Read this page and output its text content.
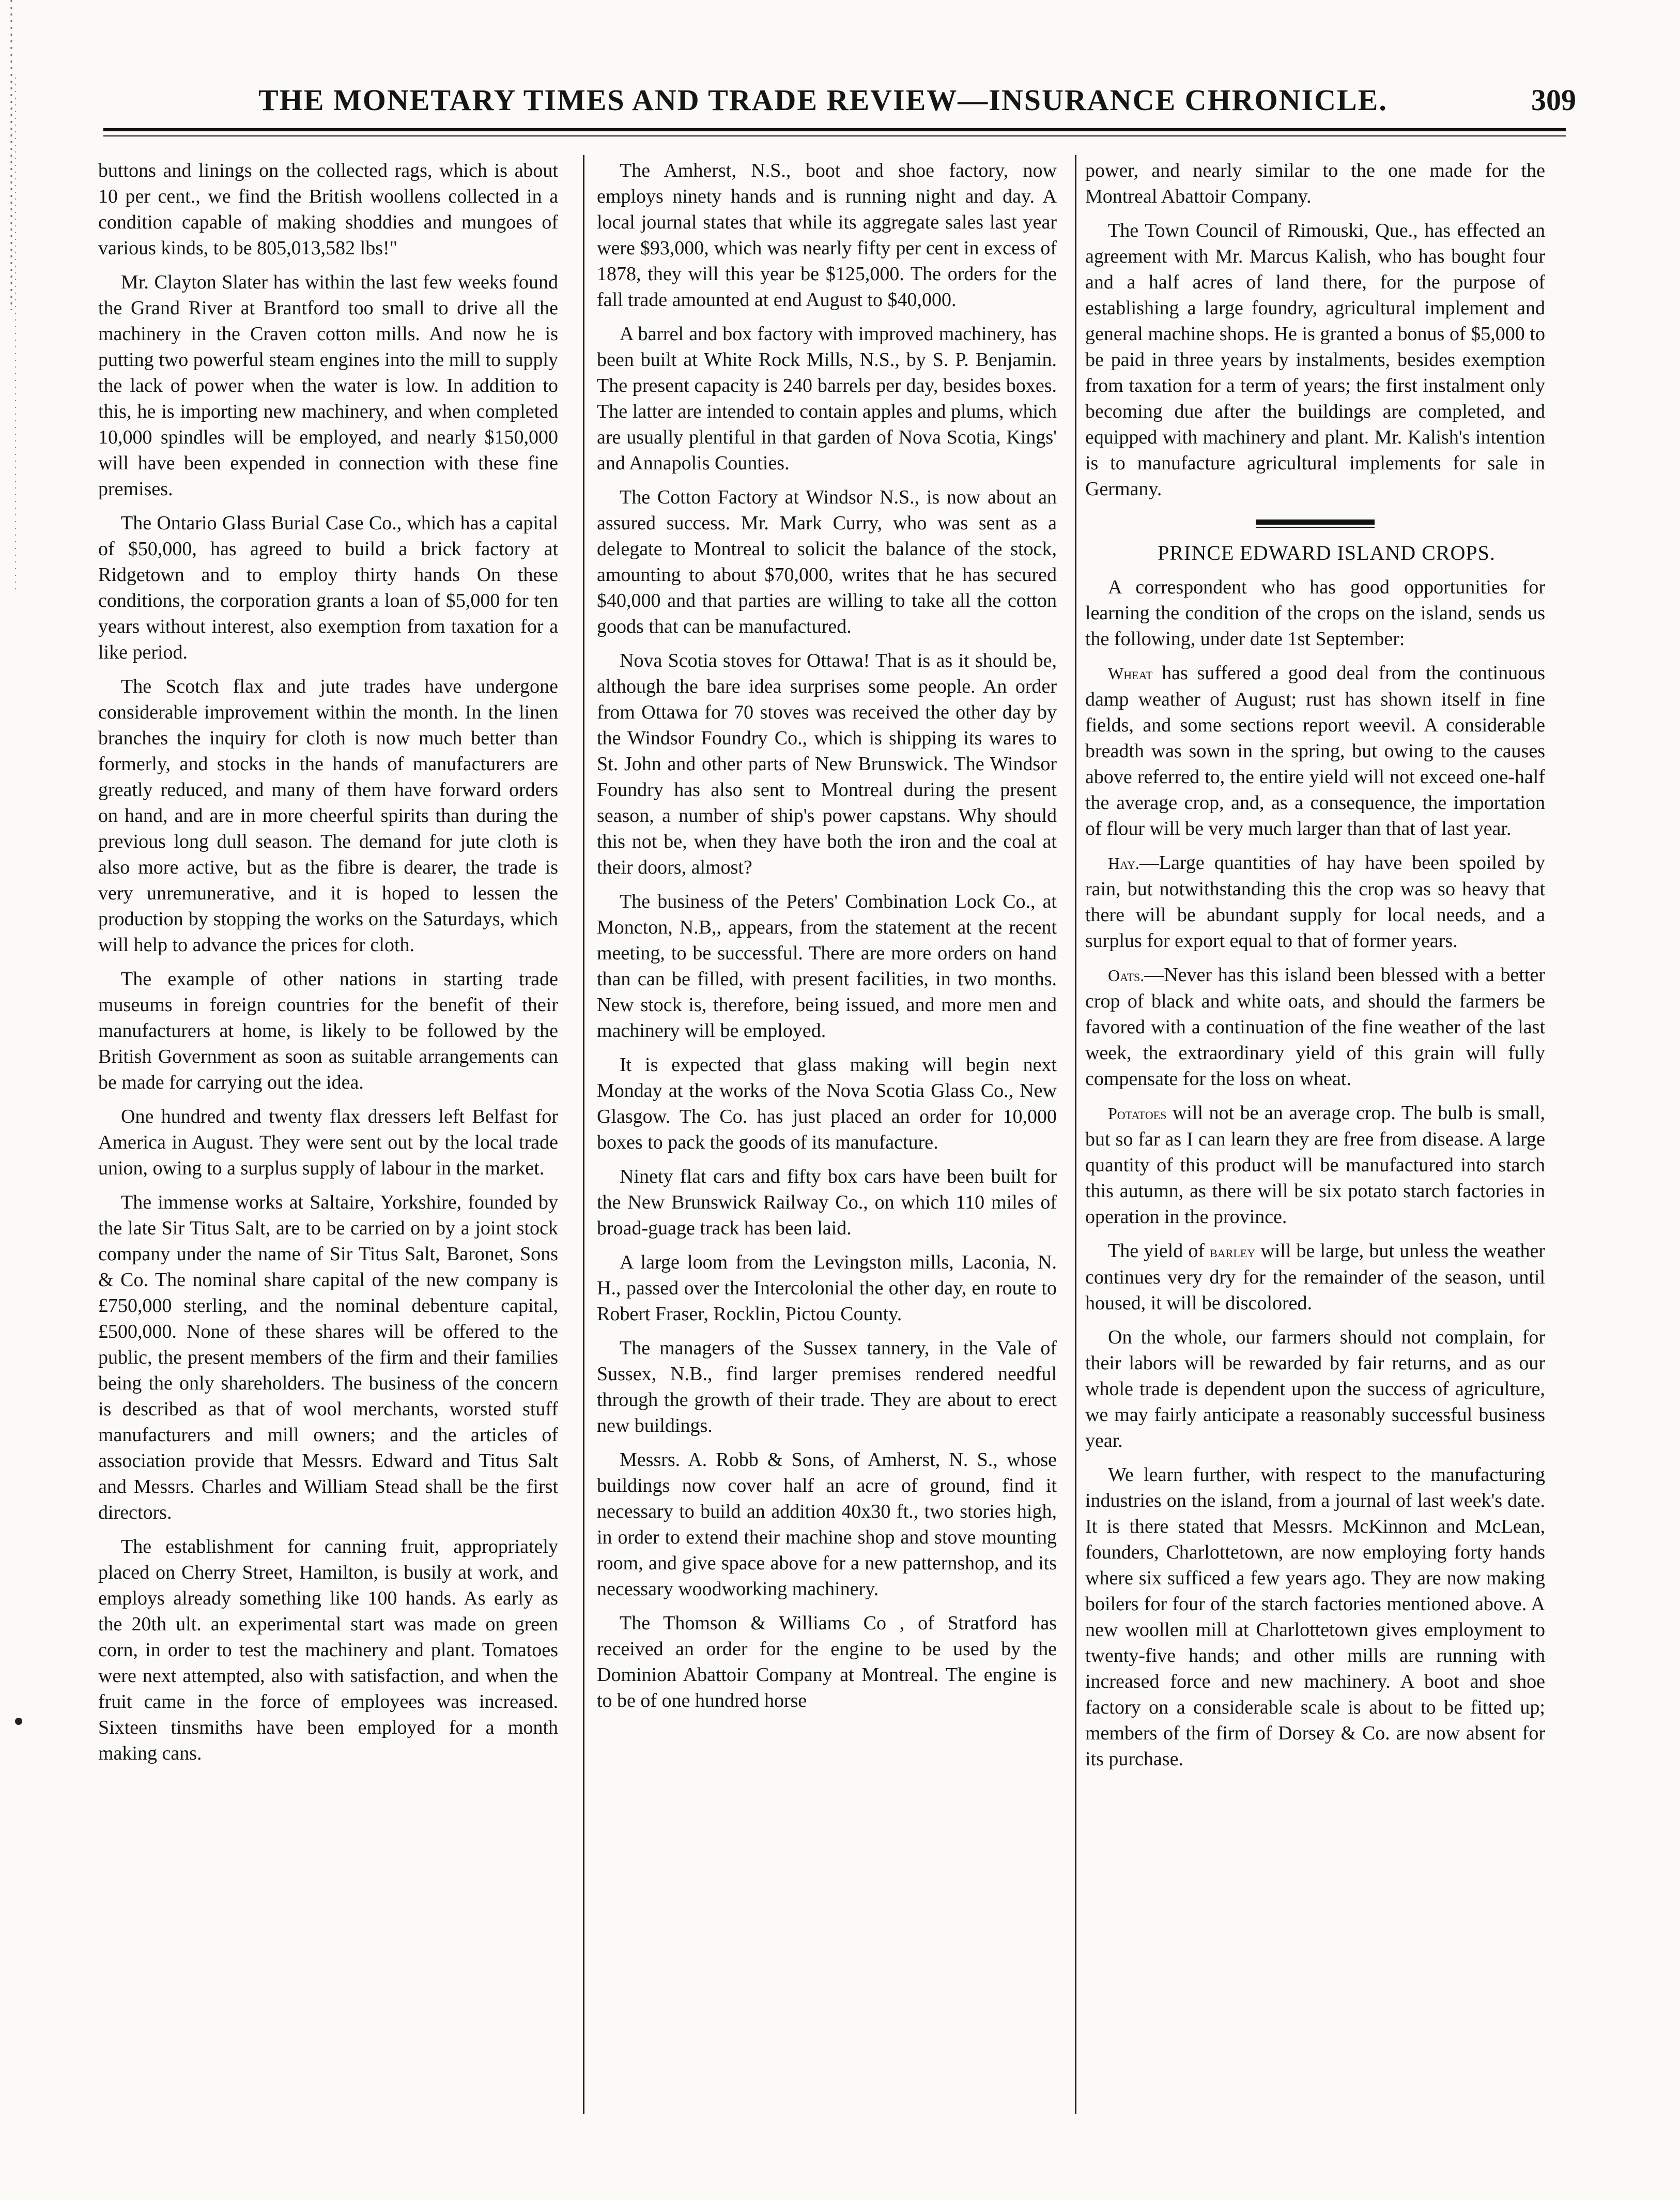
THE MONETARY TIMES AND TRADE REVIEW—INSURANCE CHRONICLE.	309

buttons and linings on the collected rags, which is about 10 per cent., we find the British woollens collected in a condition capable of making shoddies and mungoes of various kinds, to be 805,013,582 lbs!"

Mr. Clayton Slater has within the last few weeks found the Grand River at Brantford too small to drive all the machinery in the Craven cotton mills. And now he is putting two powerful steam engines into the mill to supply the lack of power when the water is low. In addition to this, he is importing new machinery, and when completed 10,000 spindles will be employed, and nearly $150,000 will have been expended in connection with these fine premises.

The Ontario Glass Burial Case Co., which has a capital of $50,000, has agreed to build a brick factory at Ridgetown and to employ thirty hands On these conditions, the corporation grants a loan of $5,000 for ten years without interest, also exemption from taxation for a like period.

The Scotch flax and jute trades have undergone considerable improvement within the month. In the linen branches the inquiry for cloth is now much better than formerly, and stocks in the hands of manufacturers are greatly reduced, and many of them have forward orders on hand, and are in more cheerful spirits than during the previous long dull season. The demand for jute cloth is also more active, but as the fibre is dearer, the trade is very unremunerative, and it is hoped to lessen the production by stopping the works on the Saturdays, which will help to advance the prices for cloth.

The example of other nations in starting trade museums in foreign countries for the benefit of their manufacturers at home, is likely to be followed by the British Government as soon as suitable arrangements can be made for carrying out the idea.

One hundred and twenty flax dressers left Belfast for America in August. They were sent out by the local trade union, owing to a surplus supply of labour in the market.

The immense works at Saltaire, Yorkshire, founded by the late Sir Titus Salt, are to be carried on by a joint stock company under the name of Sir Titus Salt, Baronet, Sons & Co. The nominal share capital of the new company is £750,000 sterling, and the nominal debenture capital, £500,000. None of these shares will be offered to the public, the present members of the firm and their families being the only shareholders. The business of the concern is described as that of wool merchants, worsted stuff manufacturers and mill owners; and the articles of association provide that Messrs. Edward and Titus Salt and Messrs. Charles and William Stead shall be the first directors.

The establishment for canning fruit, appropriately placed on Cherry Street, Hamilton, is busily at work, and employs already something like 100 hands. As early as the 20th ult. an experimental start was made on green corn, in order to test the machinery and plant. Tomatoes were next attempted, also with satisfaction, and when the fruit came in the force of employees was increased. Sixteen tinsmiths have been employed for a month making cans.

The Amherst, N.S., boot and shoe factory, now employs ninety hands and is running night and day. A local journal states that while its aggregate sales last year were $93,000, which was nearly fifty per cent in excess of 1878, they will this year be $125,000. The orders for the fall trade amounted at end August to $40,000.

A barrel and box factory with improved machinery, has been built at White Rock Mills, N.S., by S. P. Benjamin. The present capacity is 240 barrels per day, besides boxes. The latter are intended to contain apples and plums, which are usually plentiful in that garden of Nova Scotia, Kings' and Annapolis Counties.

The Cotton Factory at Windsor N.S., is now about an assured success. Mr. Mark Curry, who was sent as a delegate to Montreal to solicit the balance of the stock, amounting to about $70,000, writes that he has secured $40,000 and that parties are willing to take all the cotton goods that can be manufactured.

Nova Scotia stoves for Ottawa! That is as it should be, although the bare idea surprises some people. An order from Ottawa for 70 stoves was received the other day by the Windsor Foundry Co., which is shipping its wares to St. John and other parts of New Brunswick. The Windsor Foundry has also sent to Montreal during the present season, a number of ship's power capstans. Why should this not be, when they have both the iron and the coal at their doors, almost?

The business of the Peters' Combination Lock Co., at Moncton, N.B,, appears, from the statement at the recent meeting, to be successful. There are more orders on hand than can be filled, with present facilities, in two months. New stock is, therefore, being issued, and more men and machinery will be employed.

It is expected that glass making will begin next Monday at the works of the Nova Scotia Glass Co., New Glasgow. The Co. has just placed an order for 10,000 boxes to pack the goods of its manufacture.

Ninety flat cars and fifty box cars have been built for the New Brunswick Railway Co., on which 110 miles of broad-guage track has been laid.

A large loom from the Levingston mills, Laconia, N. H., passed over the Intercolonial the other day, en route to Robert Fraser, Rocklin, Pictou County.

The managers of the Sussex tannery, in the Vale of Sussex, N.B., find larger premises rendered needful through the growth of their trade. They are about to erect new buildings.

Messrs. A. Robb & Sons, of Amherst, N. S., whose buildings now cover half an acre of ground, find it necessary to build an addition 40x30 ft., two stories high, in order to extend their machine shop and stove mounting room, and give space above for a new patternshop, and its necessary woodworking machinery.

The Thomson & Williams Co , of Stratford has received an order for the engine to be used by the Dominion Abattoir Company at Montreal. The engine is to be of one hundred horse

power, and nearly similar to the one made for the Montreal Abattoir Company.

The Town Council of Rimouski, Que., has effected an agreement with Mr. Marcus Kalish, who has bought four and a half acres of land there, for the purpose of establishing a large foundry, agricultural implement and general machine shops. He is granted a bonus of $5,000 to be paid in three years by instalments, besides exemption from taxation for a term of years; the first instalment only becoming due after the buildings are completed, and equipped with machinery and plant. Mr. Kalish's intention is to manufacture agricultural implements for sale in Germany.

PRINCE EDWARD ISLAND CROPS.

A correspondent who has good opportunities for learning the condition of the crops on the island, sends us the following, under date 1st September:

Wheat has suffered a good deal from the continuous damp weather of August; rust has shown itself in fine fields, and some sections report weevil. A considerable breadth was sown in the spring, but owing to the causes above referred to, the entire yield will not exceed one-half the average crop, and, as a consequence, the importation of flour will be very much larger than that of last year.

Hay.—Large quantities of hay have been spoiled by rain, but notwithstanding this the crop was so heavy that there will be abundant supply for local needs, and a surplus for export equal to that of former years.

Oats.—Never has this island been blessed with a better crop of black and white oats, and should the farmers be favored with a continuation of the fine weather of the last week, the extraordinary yield of this grain will fully compensate for the loss on wheat.

Potatoes will not be an average crop. The bulb is small, but so far as I can learn they are free from disease. A large quantity of this product will be manufactured into starch this autumn, as there will be six potato starch factories in operation in the province.

The yield of barley will be large, but unless the weather continues very dry for the remainder of the season, until housed, it will be discolored.

On the whole, our farmers should not complain, for their labors will be rewarded by fair returns, and as our whole trade is dependent upon the success of agriculture, we may fairly anticipate a reasonably successful business year.

We learn further, with respect to the manufacturing industries on the island, from a journal of last week's date. It is there stated that Messrs. McKinnon and McLean, founders, Charlottetown, are now employing forty hands where six sufficed a few years ago. They are now making boilers for four of the starch factories mentioned above. A new woollen mill at Charlottetown gives employment to twenty-five hands; and other mills are running with increased force and new machinery. A boot and shoe factory on a considerable scale is about to be fitted up; members of the firm of Dorsey & Co. are now absent for its purchase.
